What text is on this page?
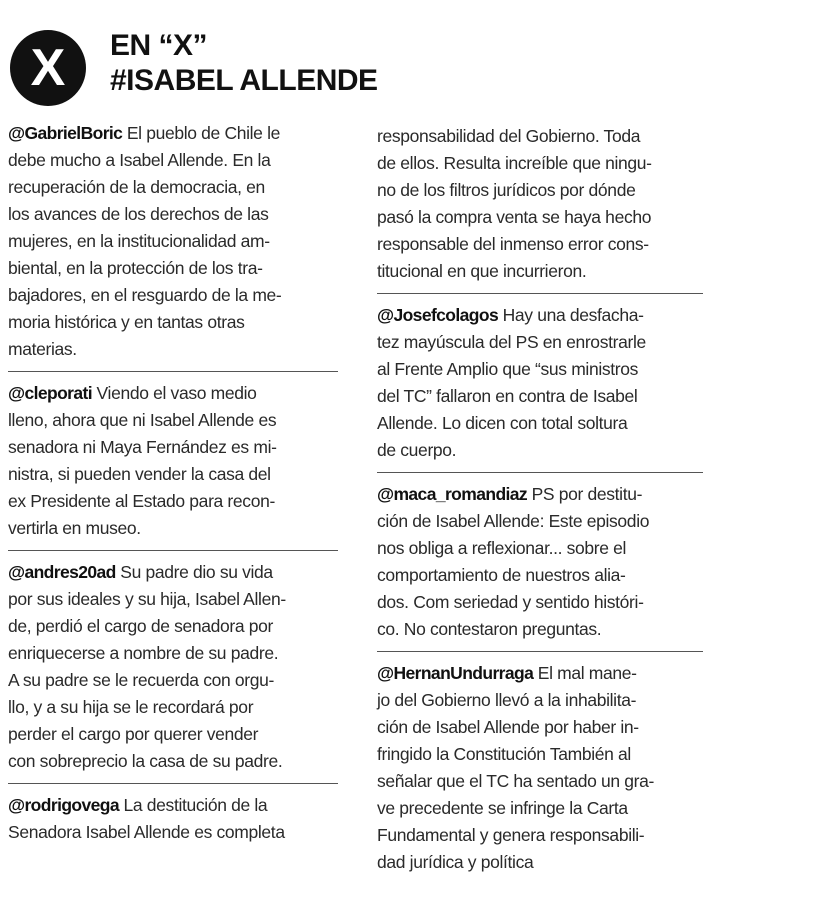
X	EN “X”
#ISABEL ALLENDE
@GabrielBoric El pueblo de Chile le
debe mucho a Isabel Allende. En la
recuperación de la democracia, en
los avances de los derechos de las
mujeres, en la institucionalidad am-
biental, en la protección de los tra-
bajadores, en el resguardo de la me-
moria histórica y en tantas otras
materias.
@cleporati Viendo el vaso medio
lleno, ahora que ni Isabel Allende es
senadora ni Maya Fernández es mi-
nistra, si pueden vender la casa del
ex Presidente al Estado para recon-
vertirla en museo.
@andres20ad Su padre dio su vida
por sus ideales y su hija, Isabel Allen-
de, perdió el cargo de senadora por
enriquecerse a nombre de su padre.
A su padre se le recuerda con orgu-
llo, y a su hija se le recordará por
perder el cargo por querer vender
con sobreprecio la casa de su padre.
@rodrigovega La destitución de la
Senadora Isabel Allende es completa
responsabilidad del Gobierno. Toda
de ellos. Resulta increíble que ningu-
no de los filtros jurídicos por dónde
pasó la compra venta se haya hecho
responsable del inmenso error cons-
titucional en que incurrieron.
@Josefcolagos Hay una desfacha-
tez mayúscula del PS en enrostrarle
al Frente Amplio que “sus ministros
del TC” fallaron en contra de Isabel
Allende. Lo dicen con total soltura
de cuerpo.
@maca_romandiaz PS por destitu-
ción de Isabel Allende: Este episodio
nos obliga a reflexionar... sobre el
comportamiento de nuestros alia-
dos. Com seriedad y sentido históri-
co. No contestaron preguntas.
@HernanUndurraga El mal mane-
jo del Gobierno llevó a la inhabilita-
ción de Isabel Allende por haber in-
fringido la Constitución También al
señalar que el TC ha sentado un gra-
ve precedente se infringe la Carta
Fundamental y genera responsabili-
dad jurídica y política
